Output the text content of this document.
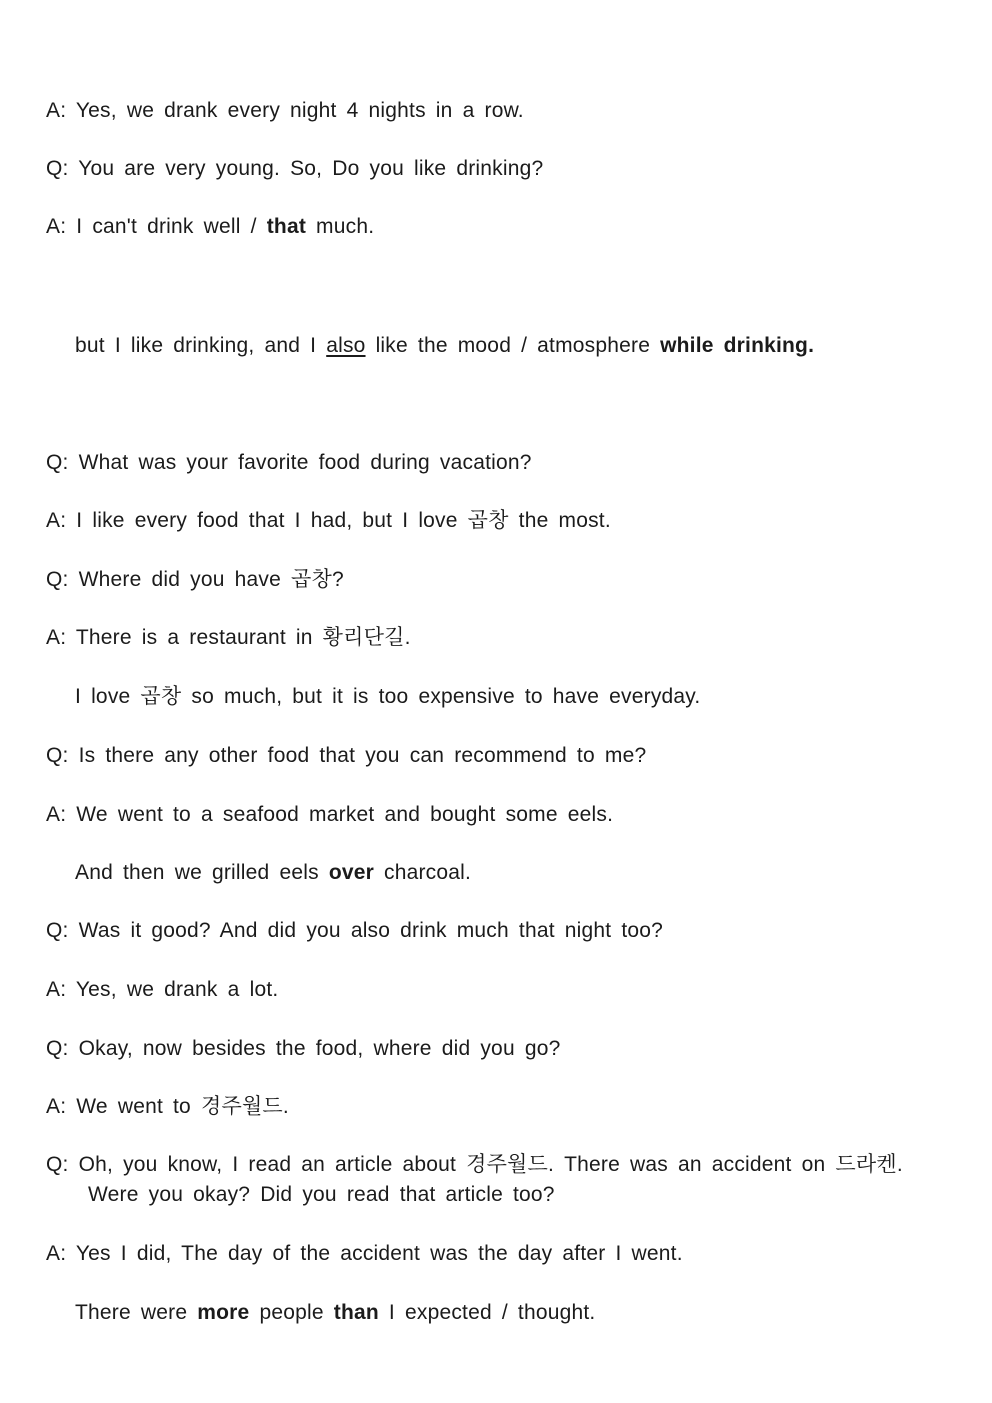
A: Yes, we drank every night 4 nights in a row.
Q: You are very young. So, Do you like drinking?
A: I can't drink well / that much.
but I like drinking, and I also like the mood / atmosphere while drinking.
Q: What was your favorite food during vacation?
A: I like every food that I had, but I love 곱창 the most.
Q: Where did you have 곱창?
A: There is a restaurant in 황리단길.
I love 곱창 so much, but it is too expensive to have everyday.
Q: Is there any other food that you can recommend to me?
A: We went to a seafood market and bought some eels.
And then we grilled eels over charcoal.
Q: Was it good? And did you also drink much that night too?
A: Yes, we drank a lot.
Q: Okay, now besides the food, where did you go?
A: We went to 경주월드.
Q: Oh, you know, I read an article about 경주월드. There was an accident on 드라켄.
Were you okay? Did you read that article too?
A: Yes I did, The day of the accident was the day after I went.
There were more people than I expected / thought.
